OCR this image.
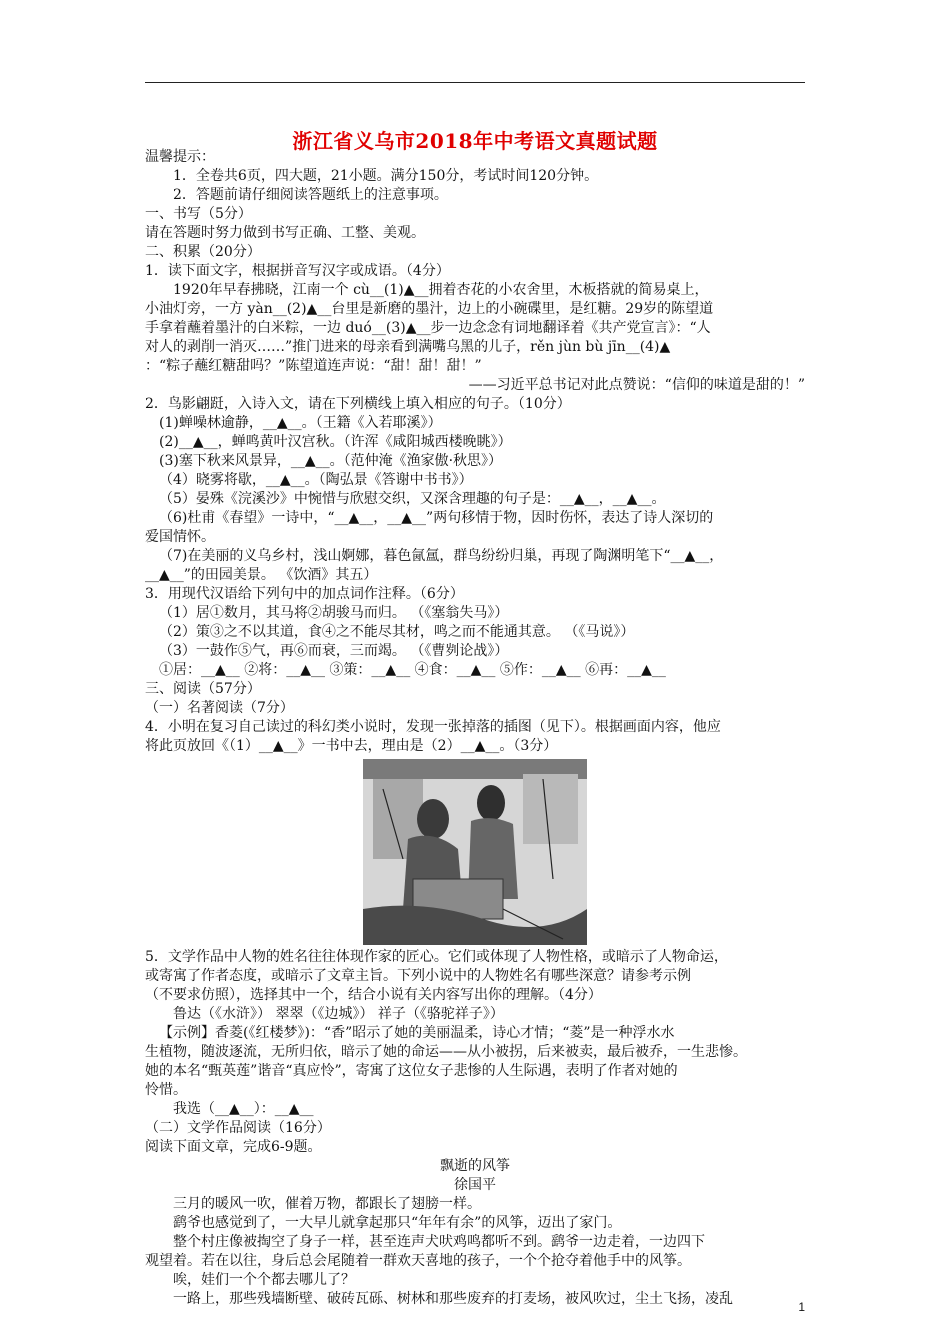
浙江省义乌市2018年中考语文真题试题

温馨提示：

1．全卷共6页，四大题，21小题。满分150分，考试时间120分钟。

2．答题前请仔细阅读答题纸上的注意事项。

一、书写（5分）

请在答题时努力做到书写正确、工整、美观。

二、积累（20分）

1．读下面文字，根据拼音写汉字或成语。（4分）

1920年早春拂晓，江南一个 cù__(1)▲__拥着杏花的小农舍里，木板搭就的简易桌上，

小油灯旁，一方 yàn__(2)▲__台里是新磨的墨汁，边上的小碗碟里，是红糖。29岁的陈望道

手拿着蘸着墨汁的白米粽，一边 duó__(3)▲__步一边念念有词地翻译着《共产党宣言》：“人

对人的剥削一消灭……”推门进来的母亲看到满嘴乌黑的儿子，rěn jùn bù jīn__(4)▲

：“粽子蘸红糖甜吗？”陈望道连声说：“甜！甜！甜！”

——习近平总书记对此点赞说：“信仰的味道是甜的！”

2．鸟影翩跹，入诗入文，请在下列横线上填入相应的句子。（10分）

(1)蝉噪林逾静，__▲__。（王籍《入若耶溪》）

(2)__▲__，蝉鸣黄叶汉宫秋。（许浑《咸阳城西楼晚眺》）

(3)塞下秋来风景异，__▲__。（范仲淹《渔家傲·秋思》）

（4）晓雾将歇，__▲__。（陶弘景《答谢中书书》）

（5）晏殊《浣溪沙》中惋惜与欣慰交织，又深含理趣的句子是：__▲__，__▲__。

（6)杜甫《春望》一诗中，“__▲__，__▲__”两句移情于物，因时伤怀，表达了诗人深切的

爱国情怀。

（7)在美丽的义乌乡村，浅山婀娜，暮色氤氲，群鸟纷纷归巢，再现了陶渊明笔下“__▲__，

__▲__”的田园美景。 《饮酒》其五）

3．用现代汉语给下列句中的加点词作注释。（6分）

（1）居①数月，其马将②胡骏马而归。 （《塞翁失马》）

（2）策③之不以其道，食④之不能尽其材，鸣之而不能通其意。 （《马说》）

（3）一鼓作⑤气，再⑥而衰，三而竭。 （《曹刿论战》）

①居：__▲__ ②将：__▲__ ③策：__▲__ ④食：__▲__ ⑤作：__▲__ ⑥再：__▲__

三、阅读（57分）

（一）名著阅读（7分）

4．小明在复习自己读过的科幻类小说时，发现一张掉落的插图（见下）。根据画面内容，他应

将此页放回《（1）__▲__》一书中去，理由是（2）__▲__。（3分）

5．文学作品中人物的姓名往往体现作家的匠心。它们或体现了人物性格，或暗示了人物命运，

或寄寓了作者态度，或暗示了文章主旨。下列小说中的人物姓名有哪些深意？请参考示例

（不要求仿照），选择其中一个，结合小说有关内容写出你的理解。（4分）

鲁达（《水浒》） 翠翠（《边城》） 祥子（《骆驼祥子》）

【示例】香菱(《红楼梦》)：“香”昭示了她的美丽温柔，诗心才情；“菱”是一种浮水水

生植物，随波逐流，无所归依，暗示了她的命运——从小被拐，后来被卖，最后被乔，一生悲惨。

她的本名“甄英莲”谐音“真应怜”，寄寓了这位女子悲惨的人生际遇，表明了作者对她的

怜惜。

我选（__▲__）：__▲__

（二）文学作品阅读（16分）

阅读下面文章，完成6-9题。

飘逝的风筝

徐国平

三月的暖风一吹，催着万物，都跟长了翅膀一样。

鹞爷也感觉到了，一大早儿就拿起那只“年年有余”的风筝，迈出了家门。

整个村庄像被掏空了身子一样，甚至连声犬吠鸡鸣都听不到。鹞爷一边走着，一边四下

观望着。若在以往，身后总会尾随着一群欢天喜地的孩子，一个个抢夺着他手中的风筝。

唉，娃们一个个都去哪儿了？

一路上，那些残墙断壁、破砖瓦砾、树林和那些废弃的打麦场，被风吹过，尘土飞扬，凌乱	1
